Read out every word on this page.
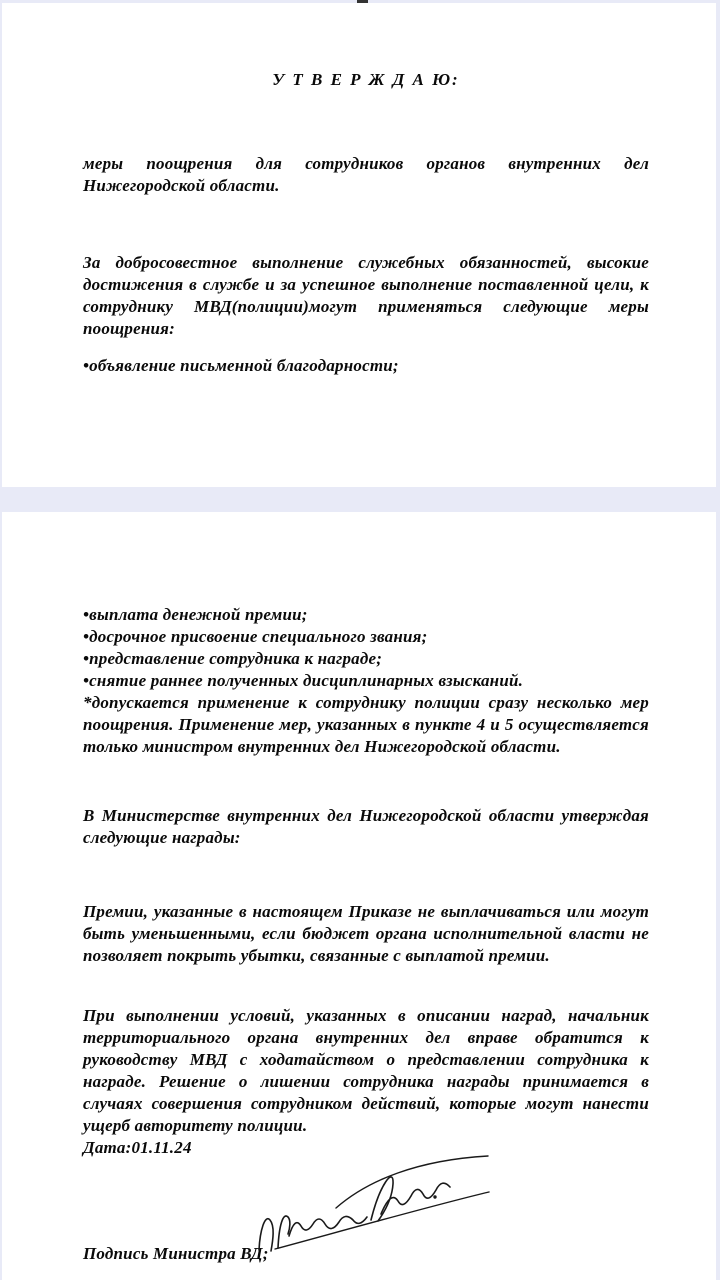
У Т В Е Р Ж Д А Ю:
меры поощрения для сотрудников органов внутренних дел Нижегородской области.
За добросовестное выполнение служебных обязанностей, высокие достижения в службе и за успешное выполнение поставленной цели, к сотруднику МВД(полиции)могут применяться следующие меры поощрения:
•объявление письменной благодарности;
•выплата денежной премии;
•досрочное присвоение специального звания;
•представление сотрудника к награде;
•снятие раннее полученных дисциплинарных взысканий.
*допускается применение к сотруднику полиции сразу несколько мер поощрения. Применение мер, указанных в пункте 4 и 5 осуществляется только министром внутренних дел Нижегородской области.
В Министерстве внутренних дел Нижегородской области утверждая следующие награды:
Премии, указанные в настоящем Приказе не выплачиваться или могут быть уменьшенными, если бюджет органа исполнительной власти не позволяет покрыть убытки, связанные с выплатой премии.
При выполнении условий, указанных в описании наград, начальник территориального органа внутренних дел вправе обратится к руководству МВД с ходатайством о представлении сотрудника к награде. Решение о лишении сотрудника награды принимается в случаях совершения сотрудником действий, которые могут нанести ущерб авторитету полиции.
Дата:01.11.24
Подпись Министра ВД;
